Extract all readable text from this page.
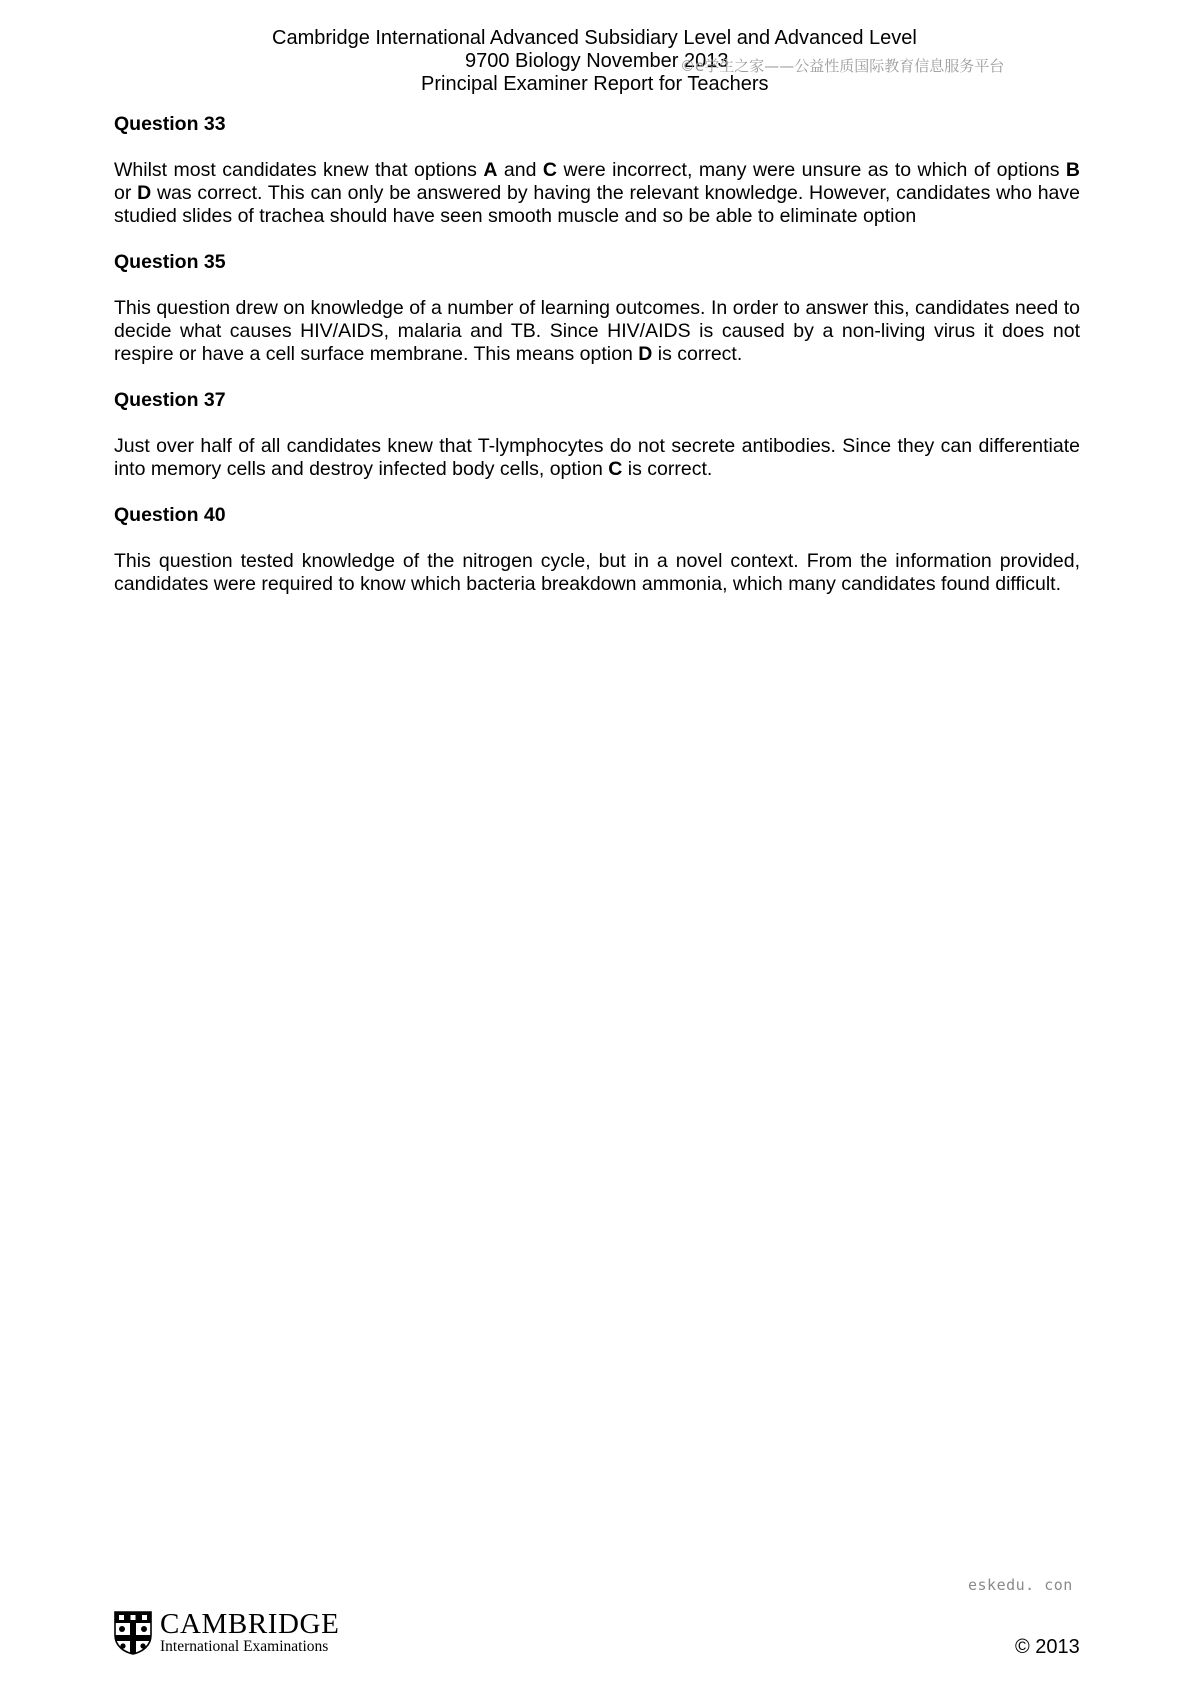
Cambridge International Advanced Subsidiary Level and Advanced Level
9700 Biology November 2013
Principal Examiner Report for Teachers
©e学生之家——公益性质国际教育信息服务平台
Question 33
Whilst most candidates knew that options A and C were incorrect, many were unsure as to which of options B or D was correct. This can only be answered by having the relevant knowledge. However, candidates who have studied slides of trachea should have seen smooth muscle and so be able to eliminate option
Question 35
This question drew on knowledge of a number of learning outcomes. In order to answer this, candidates need to decide what causes HIV/AIDS, malaria and TB. Since HIV/AIDS is caused by a non-living virus it does not respire or have a cell surface membrane. This means option D is correct.
Question 37
Just over half of all candidates knew that T-lymphocytes do not secrete antibodies. Since they can differentiate into memory cells and destroy infected body cells, option C is correct.
Question 40
This question tested knowledge of the nitrogen cycle, but in a novel context. From the information provided, candidates were required to know which bacteria breakdown ammonia, which many candidates found difficult.
eskedu. con
CAMBRIDGE
International Examinations	© 2013
